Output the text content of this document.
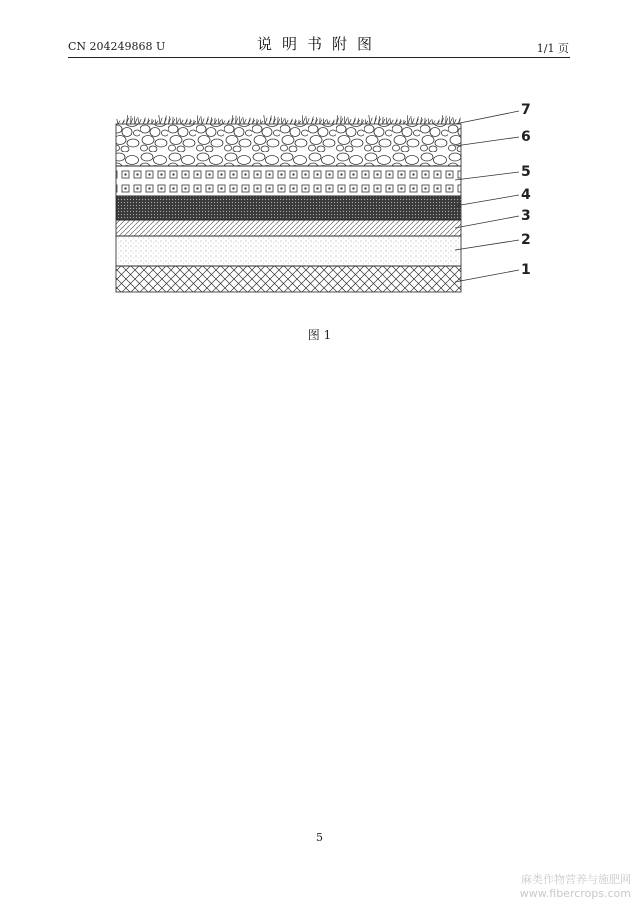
CN 204249868 U	说明书附图	1/1 页
7
6
5
4
3
2
1
图 1
5
麻类作物营养与施肥网
www.fibercrops.com
